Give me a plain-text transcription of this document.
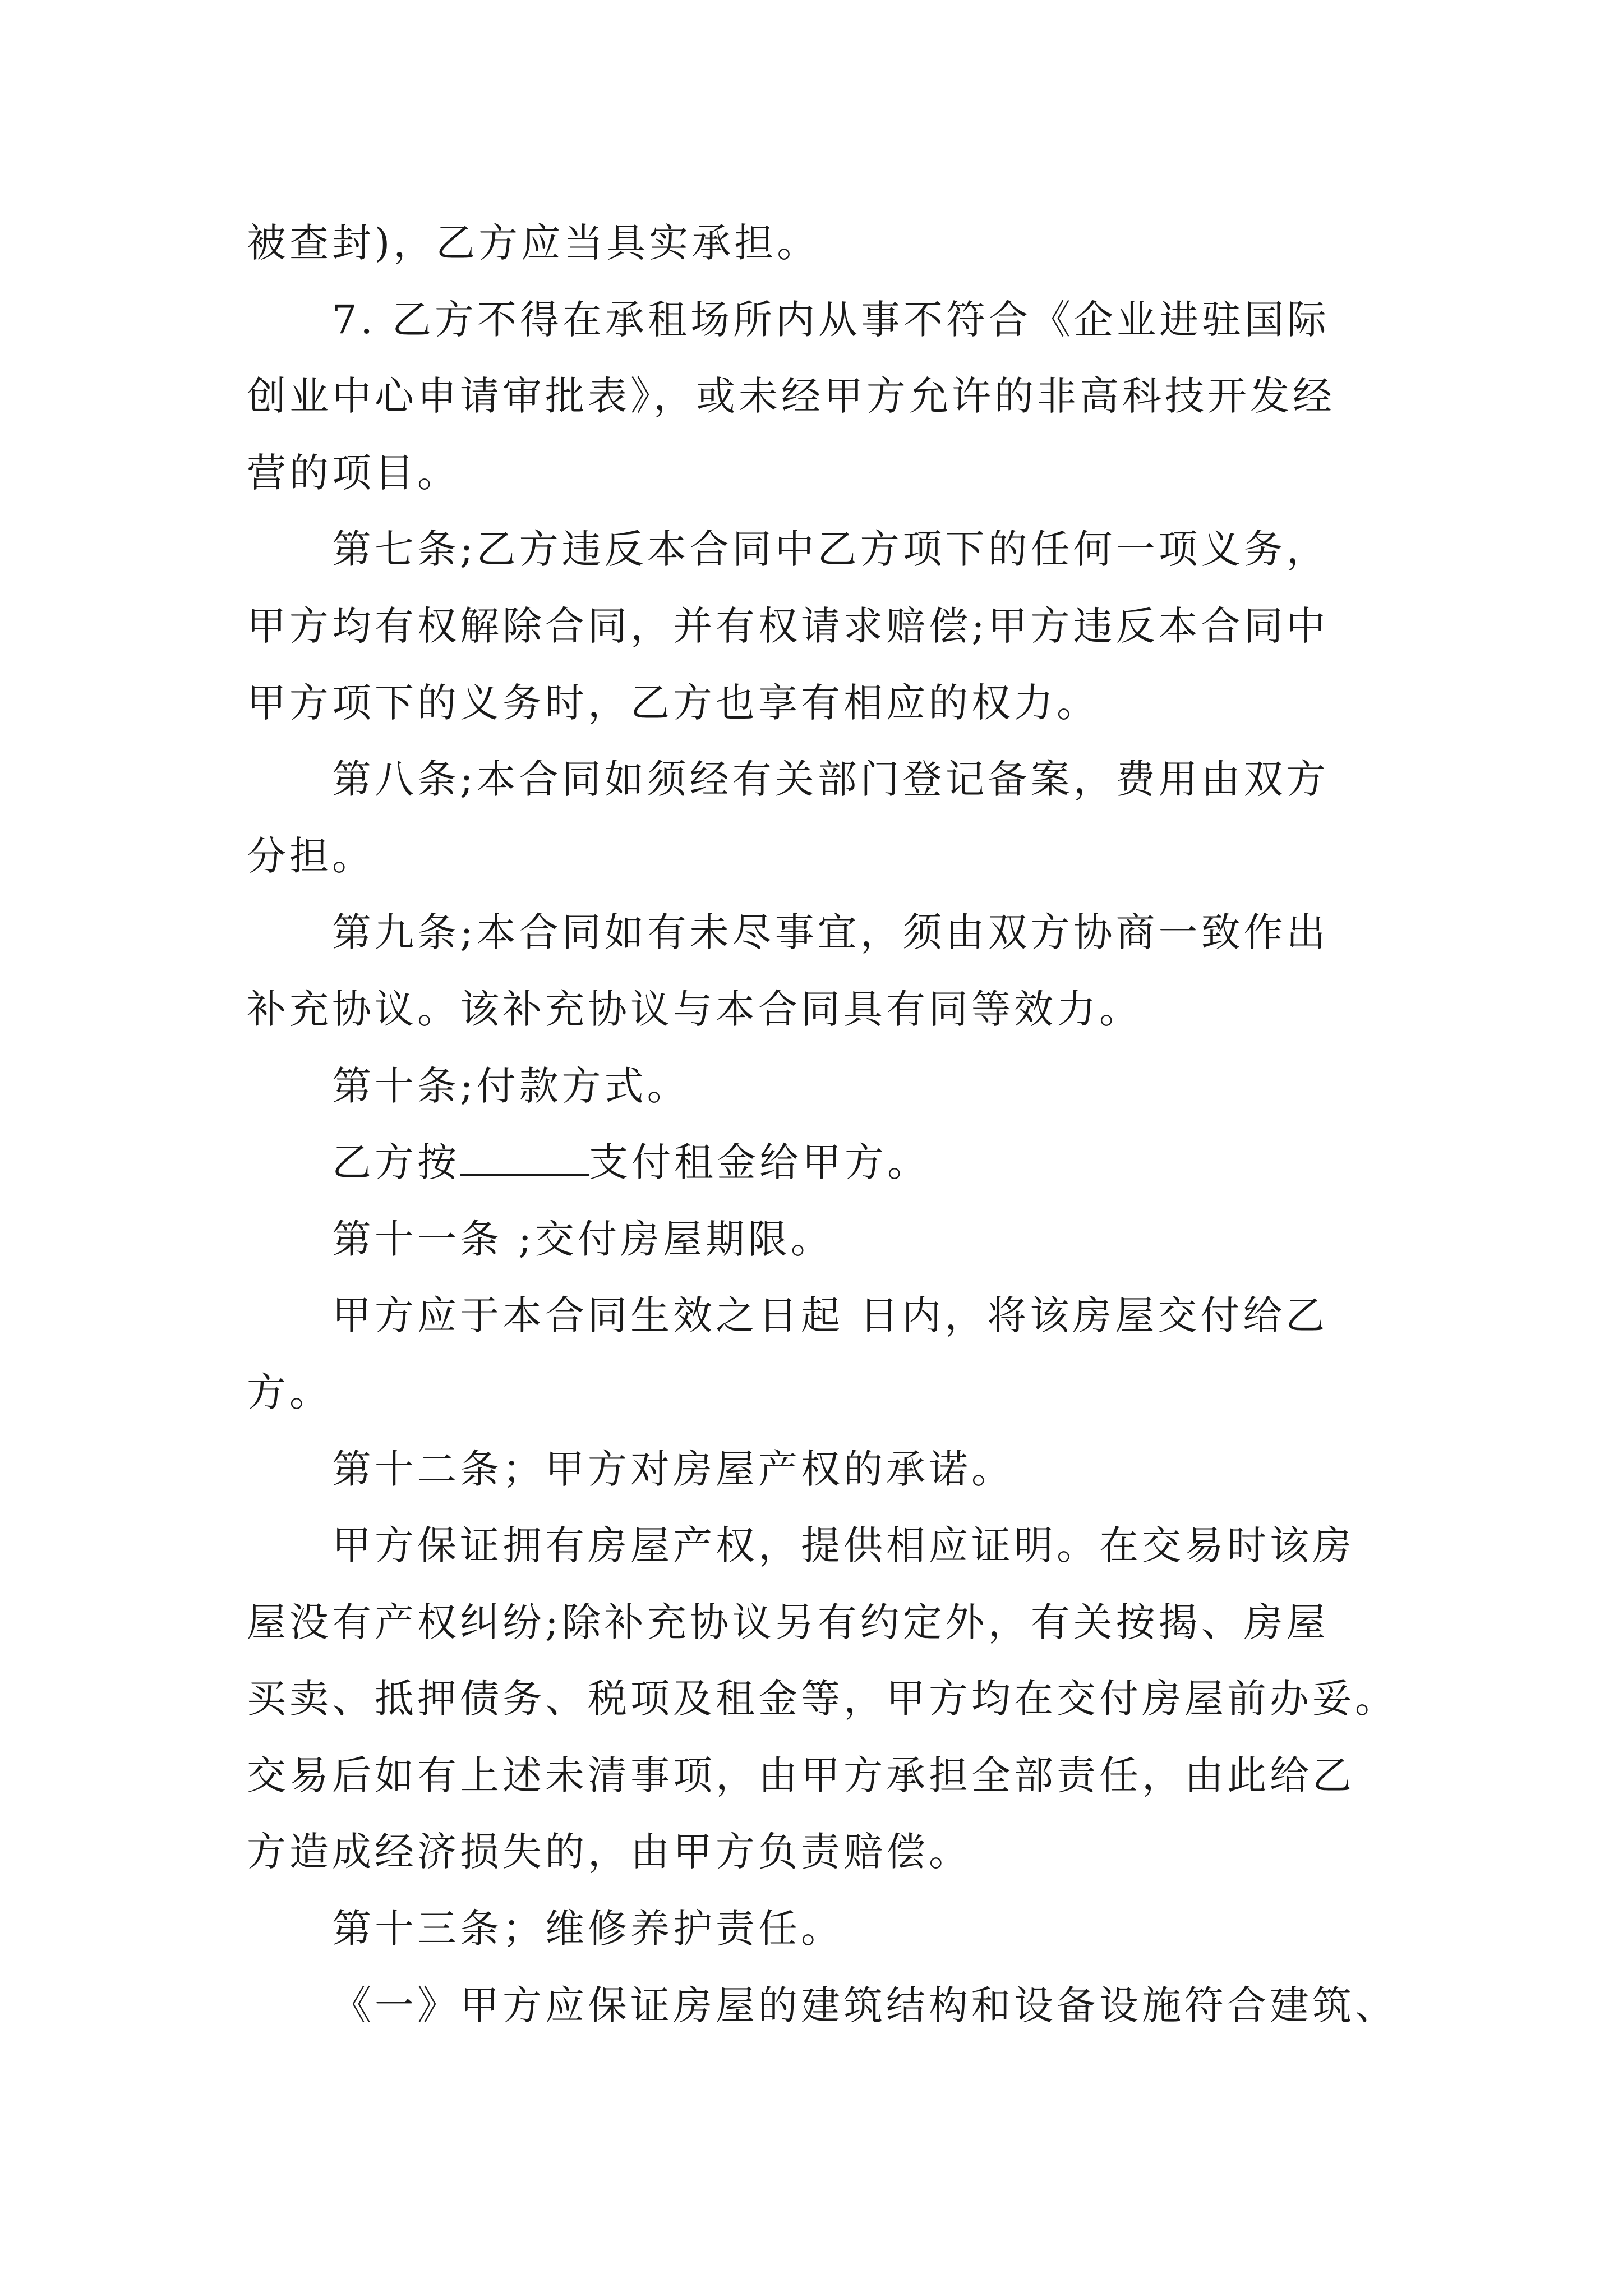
被查封)，乙方应当具实承担。
7. 乙方不得在承租场所内从事不符合《企业进驻国际
创业中心申请审批表》，或未经甲方允许的非高科技开发经
营的项目。
第七条;乙方违反本合同中乙方项下的任何一项义务，
甲方均有权解除合同，并有权请求赔偿;甲方违反本合同中
甲方项下的义务时，乙方也享有相应的权力。
第八条;本合同如须经有关部门登记备案，费用由双方
分担。
第九条;本合同如有未尽事宜，须由双方协商一致作出
补充协议。该补充协议与本合同具有同等效力。
第十条;付款方式。
乙方按	支付租金给甲方。
第十一条 ;交付房屋期限。
甲方应于本合同生效之日起 日内，将该房屋交付给乙
方。
第十二条；甲方对房屋产权的承诺。
甲方保证拥有房屋产权，提供相应证明。在交易时该房
屋没有产权纠纷;除补充协议另有约定外，有关按揭、房屋
买卖、抵押债务、税项及租金等，甲方均在交付房屋前办妥。
交易后如有上述未清事项，由甲方承担全部责任，由此给乙
方造成经济损失的，由甲方负责赔偿。
第十三条；维修养护责任。
《一》甲方应保证房屋的建筑结构和设备设施符合建筑、
